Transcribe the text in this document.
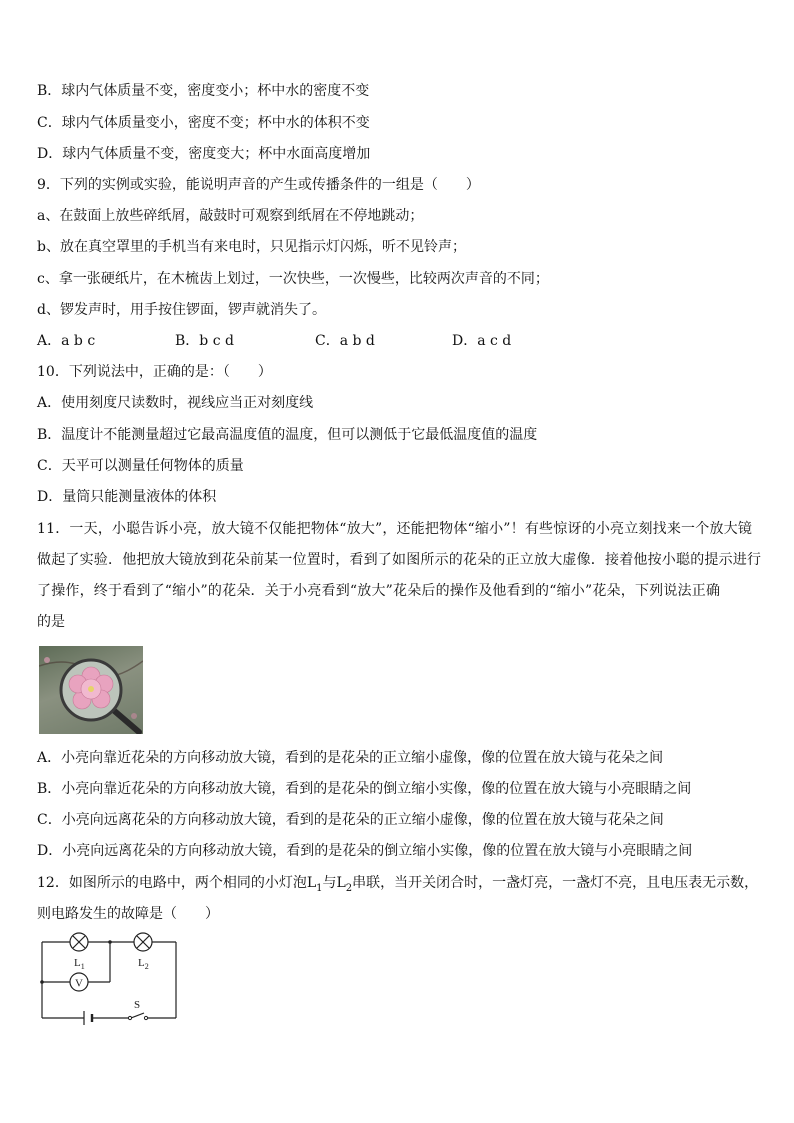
B．球内气体质量不变，密度变小；杯中水的密度不变
C．球内气体质量变小，密度不变；杯中水的体积不变
D．球内气体质量不变，密度变大；杯中水面高度增加
9．下列的实例或实验，能说明声音的产生或传播条件的一组是（　　）
a、在鼓面上放些碎纸屑，敲鼓时可观察到纸屑在不停地跳动；
b、放在真空罩里的手机当有来电时，只见指示灯闪烁，听不见铃声；
c、拿一张硬纸片，在木梳齿上划过，一次快些，一次慢些，比较两次声音的不同；
d、锣发声时，用手按住锣面，锣声就消失了。
A．a b c	B．b c d	C．a b d	D．a c d
10．下列说法中，正确的是：（　　）
A．使用刻度尺读数时，视线应当正对刻度线
B．温度计不能测量超过它最高温度值的温度，但可以测低于它最低温度值的温度
C．天平可以测量任何物体的质量
D．量筒只能测量液体的体积
11．一天，小聪告诉小亮，放大镜不仅能把物体“放大”，还能把物体“缩小”！有些惊讶的小亮立刻找来一个放大镜
做起了实验．他把放大镜放到花朵前某一位置时，看到了如图所示的花朵的正立放大虚像．接着他按小聪的提示进行
了操作，终于看到了“缩小”的花朵．关于小亮看到“放大”花朵后的操作及他看到的“缩小”花朵，下列说法正确
的是
A．小亮向靠近花朵的方向移动放大镜，看到的是花朵的正立缩小虚像，像的位置在放大镜与花朵之间
B．小亮向靠近花朵的方向移动放大镜，看到的是花朵的倒立缩小实像，像的位置在放大镜与小亮眼睛之间
C．小亮向远离花朵的方向移动放大镜，看到的是花朵的正立缩小虚像，像的位置在放大镜与花朵之间
D．小亮向远离花朵的方向移动放大镜，看到的是花朵的倒立缩小实像，像的位置在放大镜与小亮眼睛之间
12．如图所示的电路中，两个相同的小灯泡$L_1$与$L_2$串联，当开关闭合时，一盏灯亮，一盏灯不亮，且电压表无示数，
则电路发生的故障是（　　）
V
$L_1$	$L_2$
S
